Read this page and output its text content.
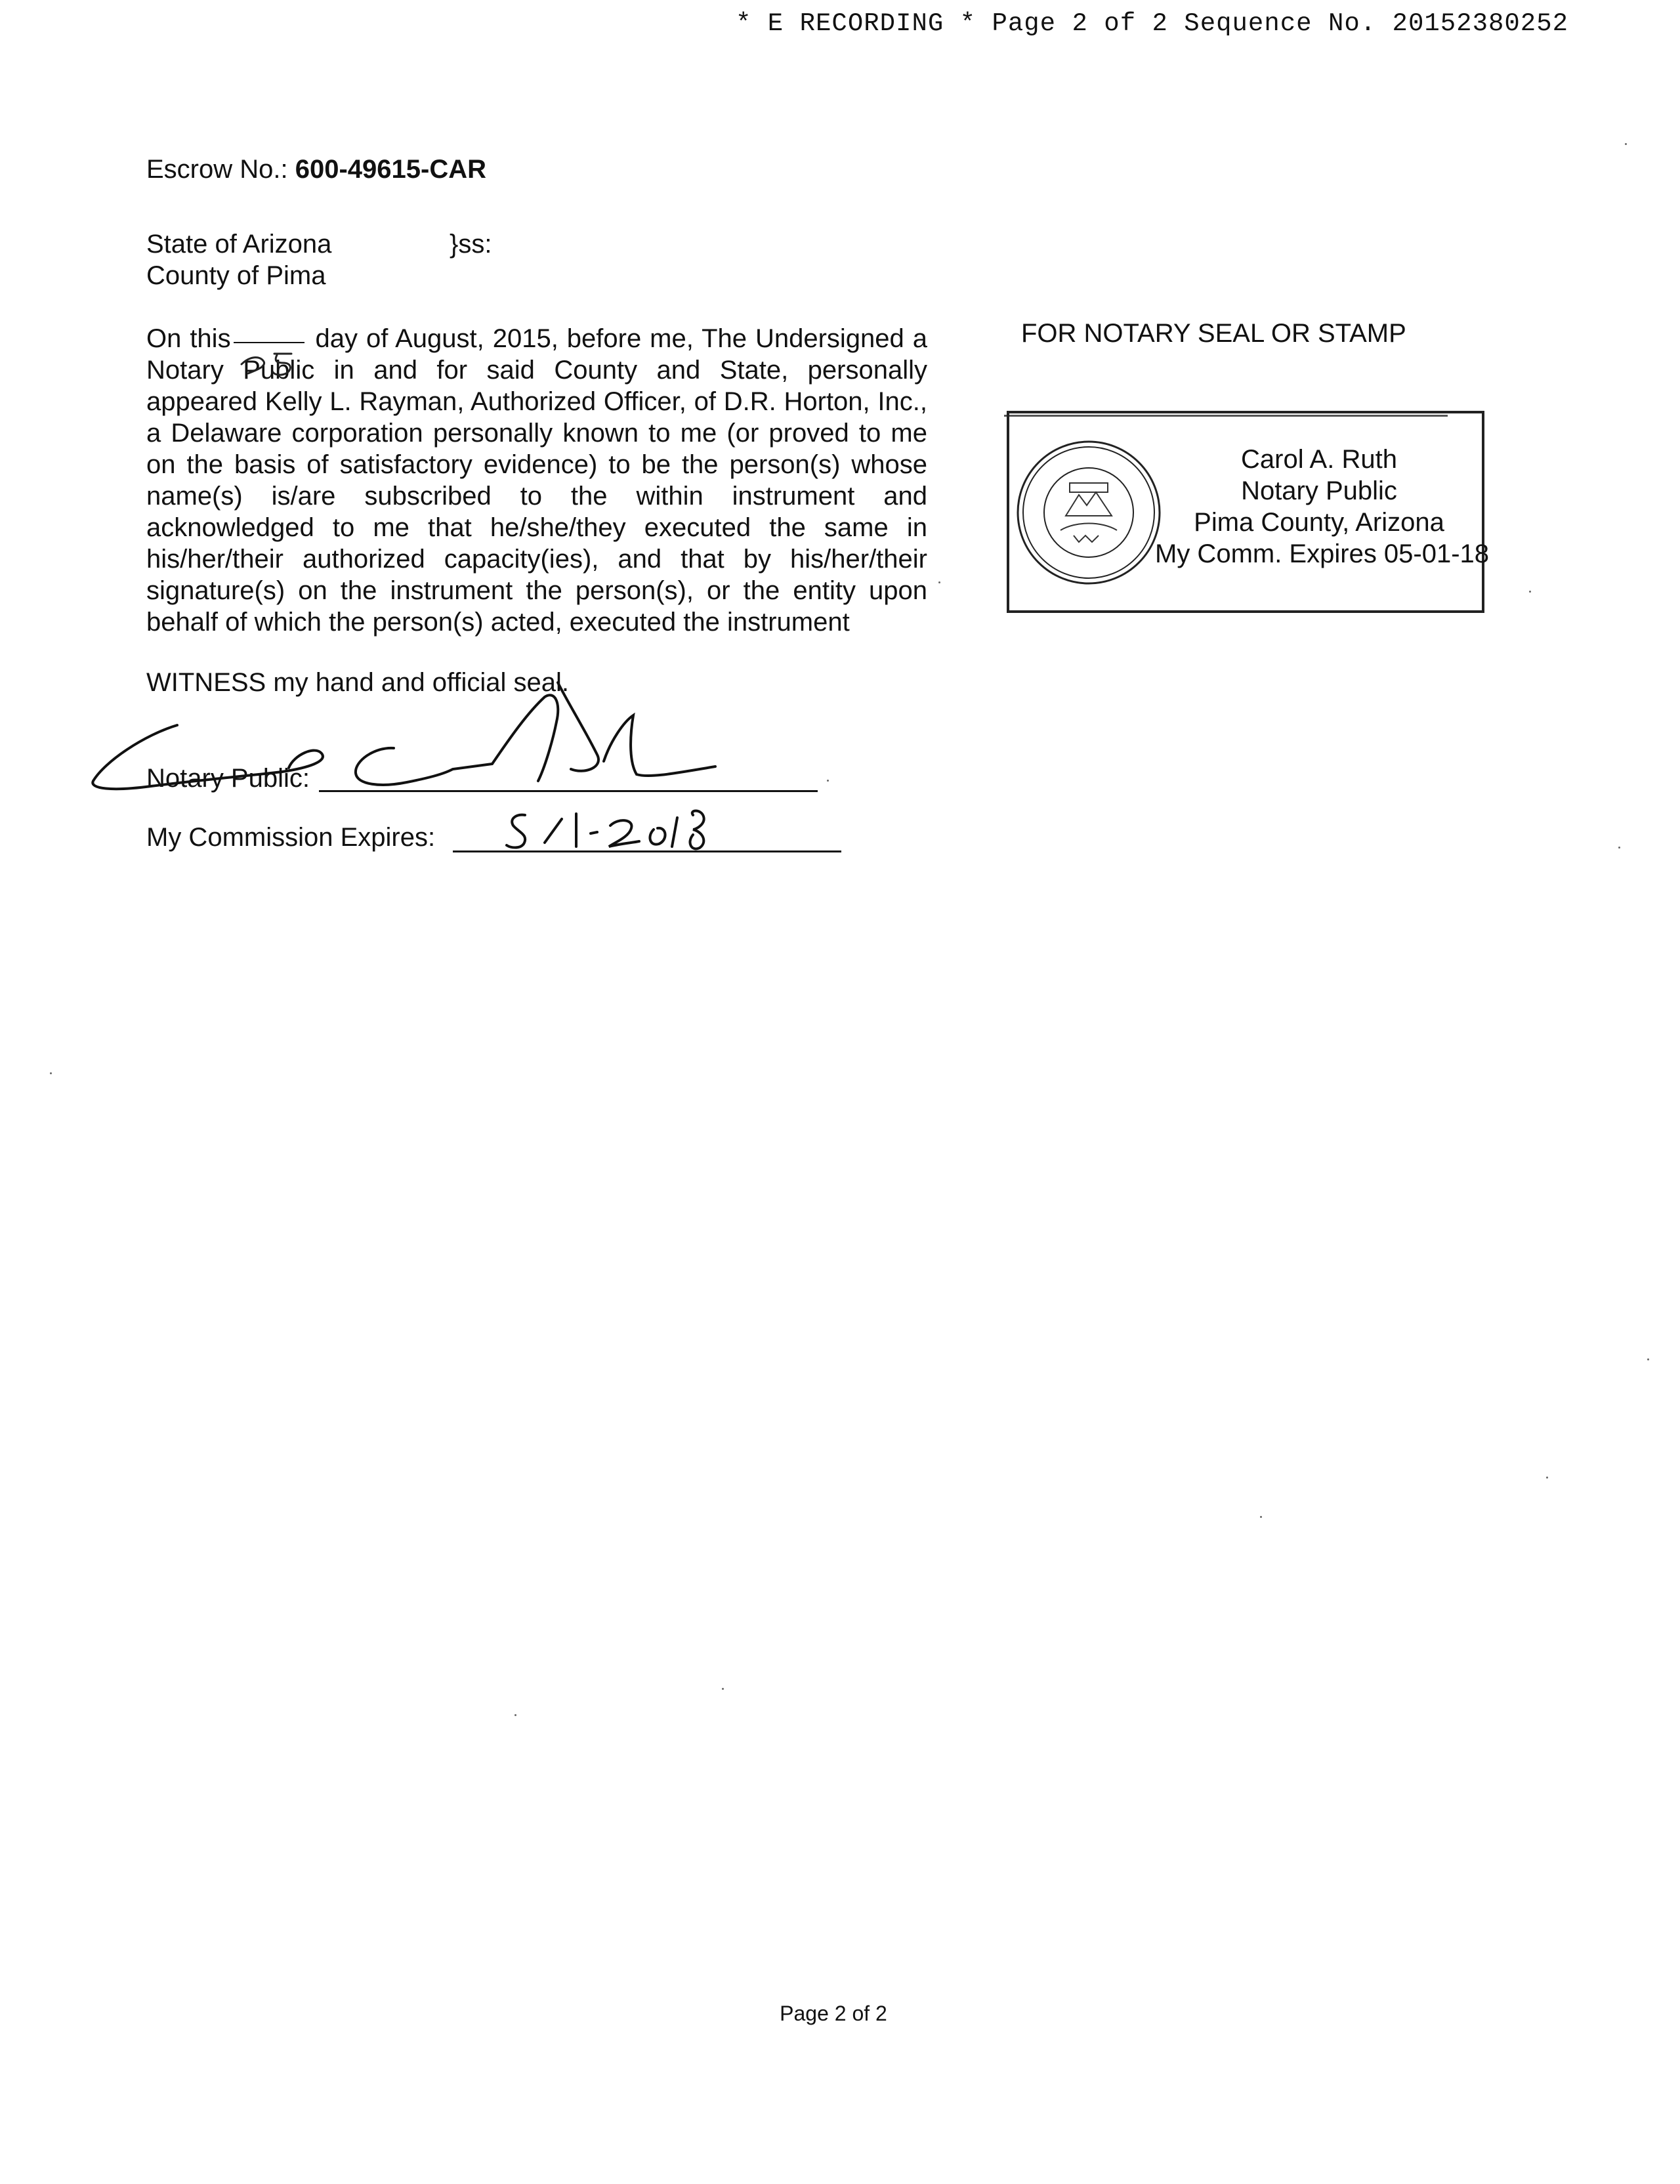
* E RECORDING * Page 2 of 2 Sequence No. 20152380252
Escrow No.: 600-49615-CAR
State of Arizona
County of Pima
}ss:
On this	day of August, 2015, before me, The Undersigned a Notary Public in and for said County and State, personally appeared Kelly L. Rayman, Authorized Officer, of D.R. Horton, Inc., a Delaware corporation personally known to me (or proved to me on the basis of satisfactory evidence) to be the person(s) whose name(s) is/are subscribed to the within instrument and acknowledged to me that he/she/they executed the same in his/her/their authorized capacity(ies), and that by his/her/their signature(s) on the instrument the person(s), or the entity upon behalf of which the person(s) acted, executed the instrument
FOR NOTARY SEAL OR STAMP
Carol A. Ruth
Notary Public
Pima County, Arizona
My Comm. Expires 05-01-18
WITNESS my hand and official seal.
Notary Public:
My Commission Expires:
Page 2 of 2
